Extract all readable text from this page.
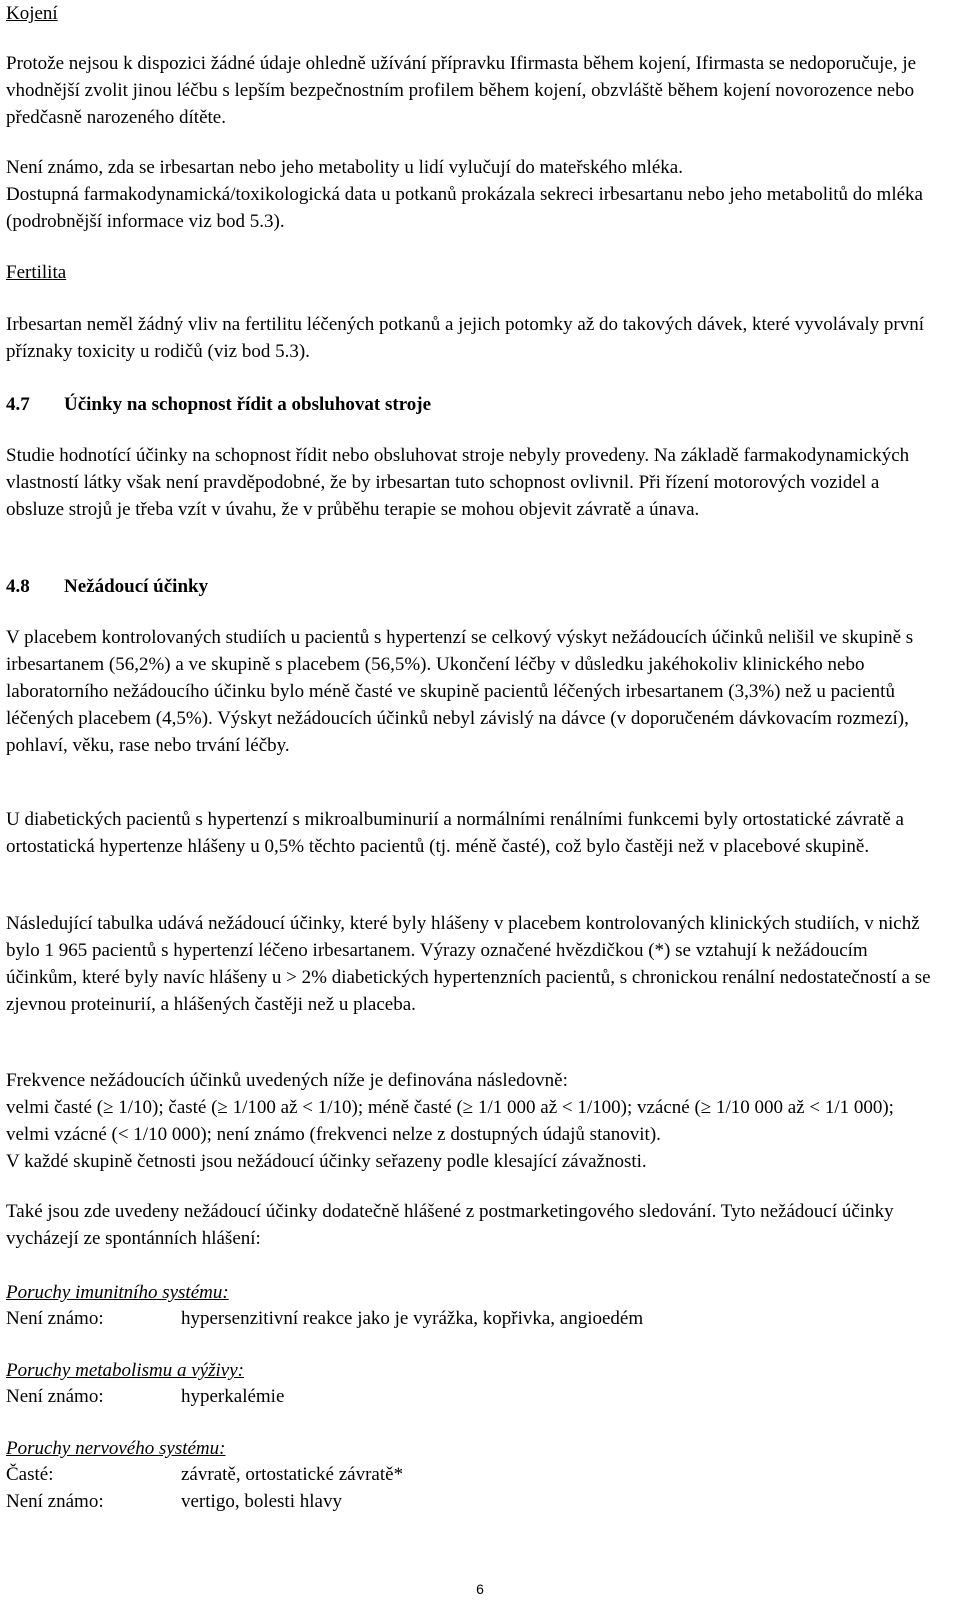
Kojení

Protože nejsou k dispozici žádné údaje ohledně užívání přípravku Ifirmasta během kojení, Ifirmasta se nedoporučuje, je vhodnější zvolit jinou léčbu s lepším bezpečnostním profilem během kojení, obzvláště během kojení novorozence nebo předčasně narozeného dítěte.

Není známo, zda se irbesartan nebo jeho metabolity u lidí vylučují do mateřského mléka.

Dostupná farmakodynamická/toxikologická data u potkanů prokázala sekreci irbesartanu nebo jeho metabolitů do mléka (podrobnější informace viz bod 5.3).

Fertilita

Irbesartan neměl žádný vliv na fertilitu léčených potkanů a jejich potomky až do takových dávek, které vyvolávaly první příznaky toxicity u rodičů (viz bod 5.3).

4.7 Účinky na schopnost řídit a obsluhovat stroje

Studie hodnotící účinky na schopnost řídit nebo obsluhovat stroje nebyly provedeny. Na základě farmakodynamických vlastností látky však není pravděpodobné, že by irbesartan tuto schopnost ovlivnil. Při řízení motorových vozidel a obsluze strojů je třeba vzít v úvahu, že v průběhu terapie se mohou objevit závratě a únava.

4.8 Nežádoucí účinky

V placebem kontrolovaných studiích u pacientů s hypertenzí se celkový výskyt nežádoucích účinků nelišil ve skupině s irbesartanem (56,2%) a ve skupině s placebem (56,5%). Ukončení léčby v důsledku jakéhokoliv klinického nebo laboratorního nežádoucího účinku bylo méně časté ve skupině pacientů léčených irbesartanem (3,3%) než u pacientů léčených placebem (4,5%). Výskyt nežádoucích účinků nebyl závislý na dávce (v doporučeném dávkovacím rozmezí), pohlaví, věku, rase nebo trvání léčby.

U diabetických pacientů s hypertenzí s mikroalbuminurií a normálními renálními funkcemi byly ortostatické závratě a ortostatická hypertenze hlášeny u 0,5% těchto pacientů (tj. méně časté), což bylo častěji než v placebové skupině.

Následující tabulka udává nežádoucí účinky, které byly hlášeny v placebem kontrolovaných klinických studiích, v nichž bylo 1 965 pacientů s hypertenzí léčeno irbesartanem. Výrazy označené hvězdičkou (*) se vztahují k nežádoucím účinkům, které byly navíc hlášeny u > 2% diabetických hypertenzních pacientů, s chronickou renální nedostatečností a se zjevnou proteinurií, a hlášených častěji než u placeba.

Frekvence nežádoucích účinků uvedených níže je definována následovně:

velmi časté (≥ 1/10); časté (≥ 1/100 až < 1/10); méně časté (≥ 1/1 000 až < 1/100); vzácné (≥ 1/10 000 až < 1/1 000); velmi vzácné (< 1/10 000); není známo (frekvenci nelze z dostupných údajů stanovit).

V každé skupině četnosti jsou nežádoucí účinky seřazeny podle klesající závažnosti.

Také jsou zde uvedeny nežádoucí účinky dodatečně hlášené z postmarketingového sledování. Tyto nežádoucí účinky vycházejí ze spontánních hlášení:

Poruchy imunitního systému:

Není známo:	hypersenzitivní reakce jako je vyrážka, kopřivka, angioedém

Poruchy metabolismu a výživy:

Není známo:	hyperkalémie

Poruchy nervového systému:

Časté:	závratě, ortostatické závratě*
Není známo:	vertigo, bolesti hlavy
6
